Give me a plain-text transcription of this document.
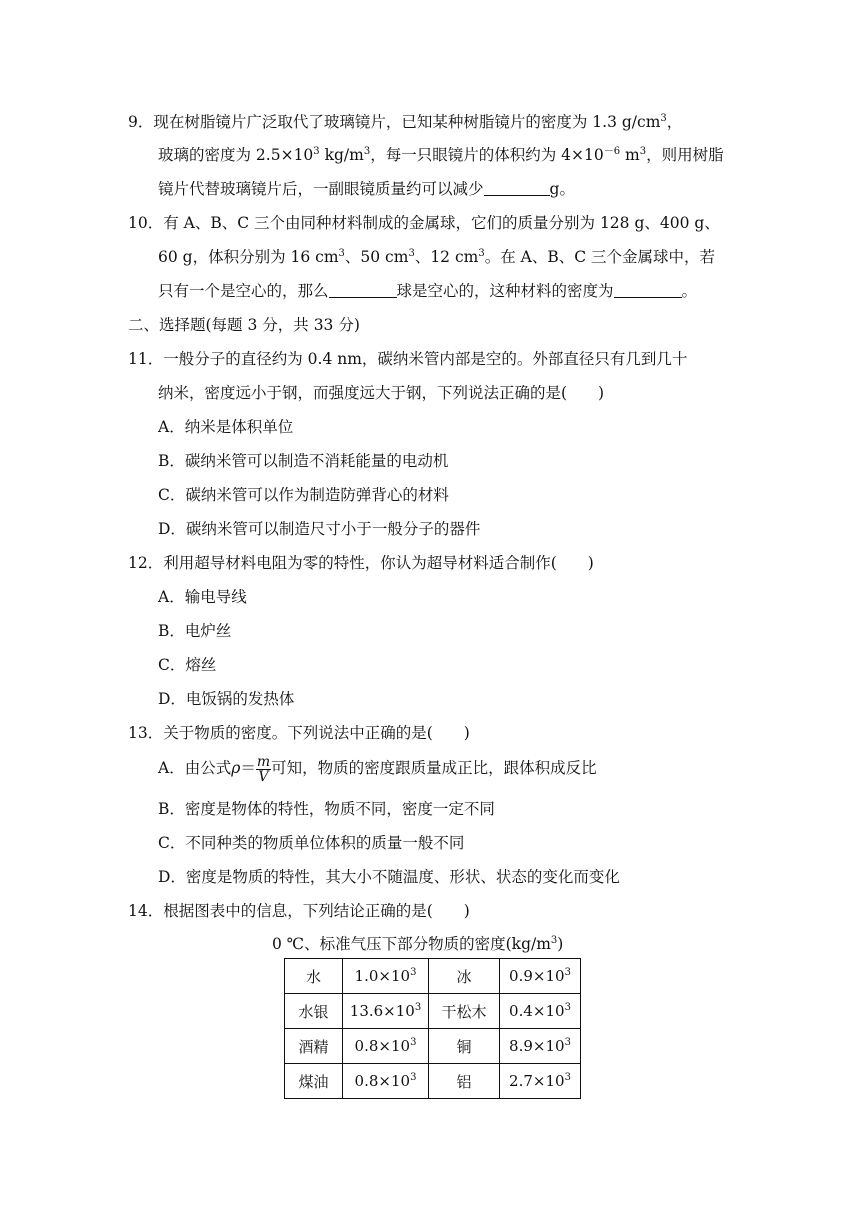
9．现在树脂镜片广泛取代了玻璃镜片，已知某种树脂镜片的密度为 1.3 $g/cm^3$，
玻璃的密度为 $2.5\times 10^3$ $kg/m^3$，每一只眼镜片的体积约为 $4\times 10^{-6}$ $m^3$，则用树脂
镜片代替玻璃镜片后，一副眼镜质量约可以减少	g。
10．有 A、B、C 三个由同种材料制成的金属球，它们的质量分别为 128 g、400 g、
60 g，体积分别为 16 $cm^3$、50 $cm^3$、12 $cm^3$。在 A、B、C 三个金属球中，若
只有一个是空心的，那么	球是空心的，这种材料的密度为	。
二、选择题(每题 3 分，共 33 分)
11．一般分子的直径约为 0.4 nm，碳纳米管内部是空的。外部直径只有几到几十
纳米，密度远小于钢，而强度远大于钢，下列说法正确的是(　　)
A．纳米是体积单位
B．碳纳米管可以制造不消耗能量的电动机
C．碳纳米管可以作为制造防弹背心的材料
D．碳纳米管可以制造尺寸小于一般分子的器件
12．利用超导材料电阻为零的特性，你认为超导材料适合制作(　　)
A．输电导线
B．电炉丝
C．熔丝
D．电饭锅的发热体
13．关于物质的密度。下列说法中正确的是(　　)
A．由公式$\rho= \frac{m}{V}$ 可知，物质的密度跟质量成正比，跟体积成反比
B．密度是物体的特性，物质不同，密度一定不同
C．不同种类的物质单位体积的质量一般不同
D．密度是物质的特性，其大小不随温度、形状、状态的变化而变化
14．根据图表中的信息，下列结论正确的是(　　)
0 ℃、标准气压下部分物质的密度$(kg/m^3)$
水	$1.0\times 10^3$	冰	$0.9\times 10^3$
水银	$13.6\times 10^3$	干松木	$0.4\times 10^3$
酒精	$0.8\times 10^3$	铜	$8.9\times 10^3$
煤油	$0.8\times 10^3$	铝	$2.7\times 10^3$
